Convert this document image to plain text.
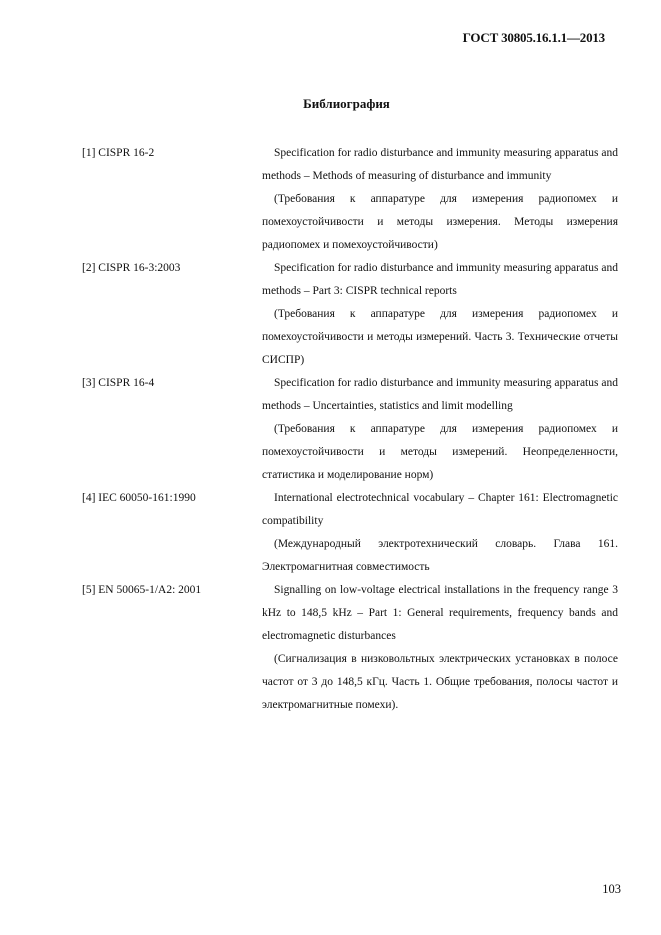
ГОСТ 30805.16.1.1—2013
Библиография
[1] CISPR 16-2	Specification for radio disturbance and immunity measuring apparatus and methods – Methods of measuring of disturbance and immunity

(Требования к аппаратуре для измерения радиопомех и помехоустойчивости и методы измерения. Методы измерения радиопомех и помехоустойчивости)

[2] CISPR 16-3:2003	Specification for radio disturbance and immunity measuring apparatus and methods – Part 3: CISPR technical reports

(Требования к аппаратуре для измерения радиопомех и помехоустойчивости и методы измерений. Часть 3. Технические отчеты СИСПР)

[3] CISPR 16-4	Specification for radio disturbance and immunity measuring apparatus and methods – Uncertainties, statistics and limit modelling

(Требования к аппаратуре для измерения радиопомех и помехоустойчивости и методы измерений. Неопределенности, статистика и моделирование норм)

[4] IEC 60050-161:1990	International electrotechnical vocabulary – Chapter 161: Electromagnetic compatibility

(Международный электротехнический словарь. Глава 161. Электромагнитная совместимость

[5] EN 50065-1/A2: 2001	Signalling on low-voltage electrical installations in the frequency range 3 kHz to 148,5 kHz – Part 1: General requirements, frequency bands and electromagnetic disturbances

(Сигнализация в низковольтных электрических установках в полосе частот от 3 до 148,5 кГц. Часть 1. Общие требования, полосы частот и электромагнитные помехи).

103
